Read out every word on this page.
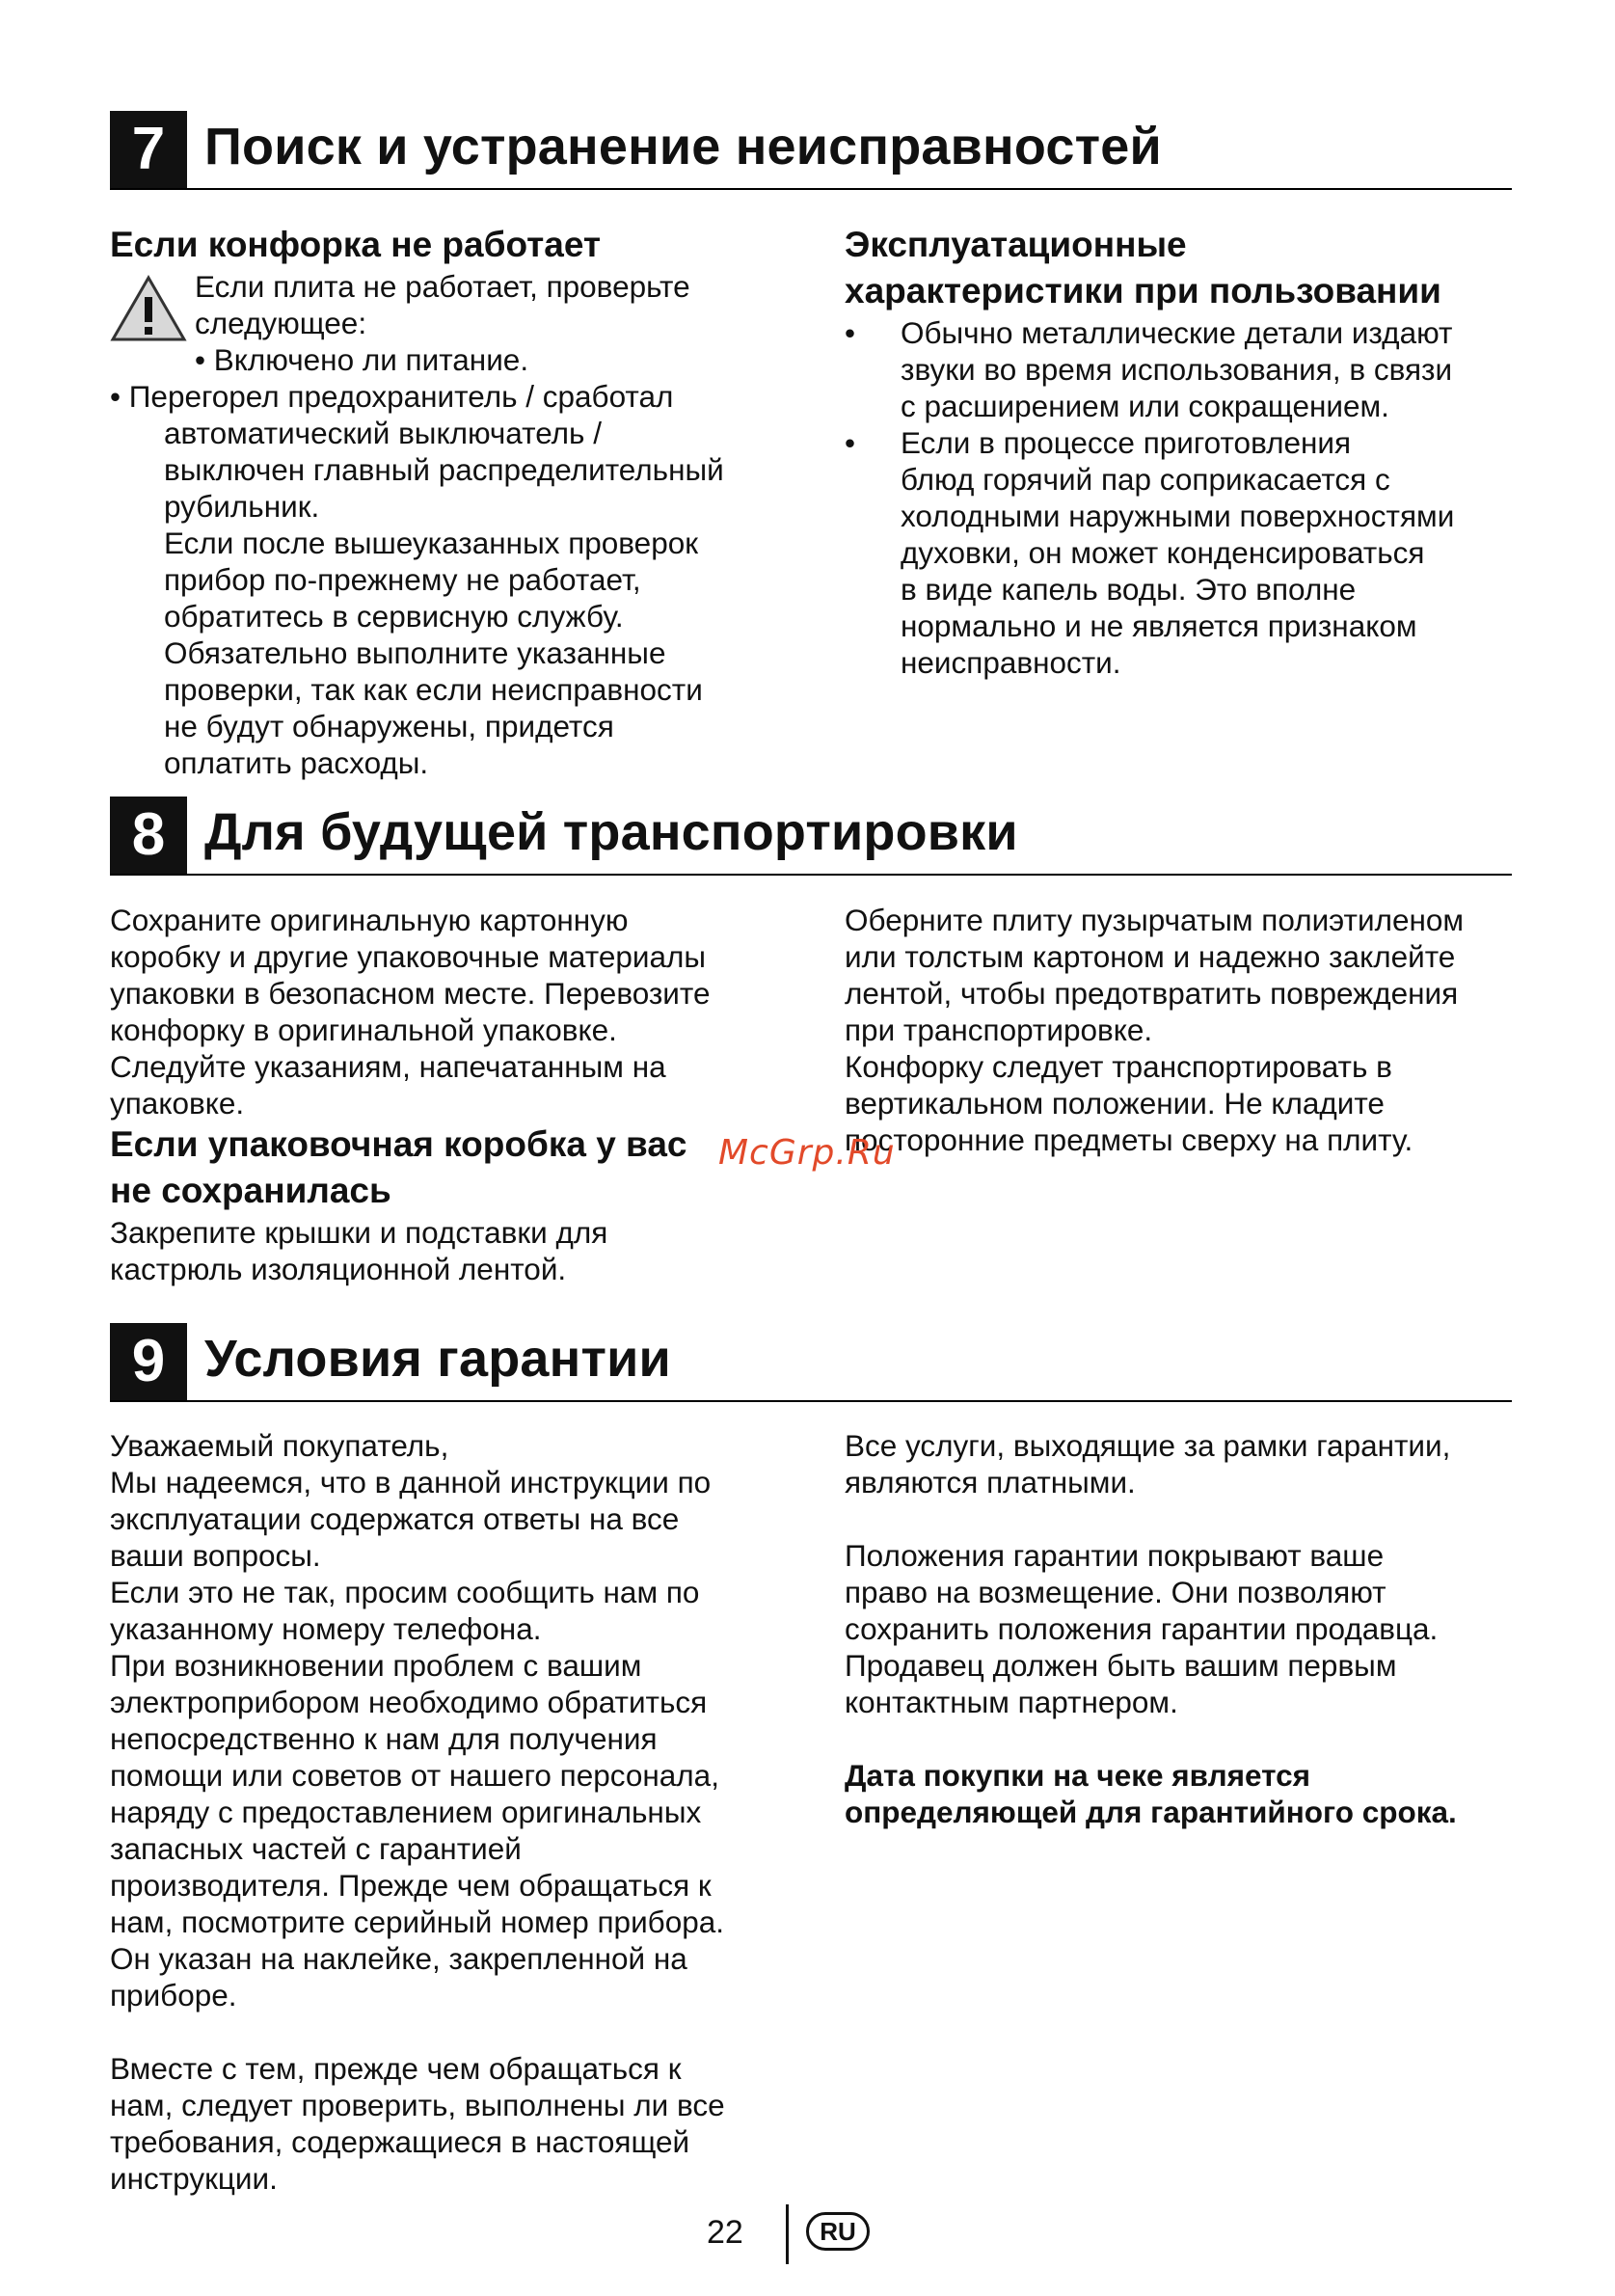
7 Поиск и устранение неисправностей

Если конфорка не работает

Если плита не работает, проверьте

следующее:

• Включено ли питание.

• Перегорел предохранитель / сработал

автоматический выключатель /

выключен главный распределительный

рубильник.

Если после вышеуказанных проверок

прибор по-прежнему не работает,

обратитесь в сервисную службу.

Обязательно выполните указанные

проверки, так как если неисправности

не будут обнаружены, придется

оплатить расходы.

Эксплуатационные

характеристики при пользовании

•	Обычно металлические детали издают

звуки во время использования, в связи

с расширением или сокращением.

•	Если в процессе приготовления

блюд горячий пар соприкасается с

холодными наружными поверхностями

духовки, он может конденсироваться

в виде капель воды. Это вполне

нормально и не является признаком

неисправности.

8 Для будущей транспортировки

Сохраните оригинальную картонную

коробку и другие упаковочные материалы

упаковки в безопасном месте. Перевозите

конфорку в оригинальной упаковке.

Следуйте указаниям, напечатанным на

упаковке.

Если упаковочная коробка у вас

не сохранилась

Закрепите крышки и подставки для

кастрюль изоляционной лентой.

Оберните плиту пузырчатым полиэтиленом

или толстым картоном и надежно заклейте

лентой, чтобы предотвратить повреждения

при транспортировке.

Конфорку следует транспортировать в

вертикальном положении. Не кладите

посторонние предметы сверху на плиту.

McGrp.Ru
9 Условия гарантии

Уважаемый покупатель,

Мы надеемся, что в данной инструкции по

эксплуатации содержатся ответы на все

ваши вопросы.

Если это не так, просим сообщить нам по

указанному номеру телефона.

При возникновении проблем с вашим

электроприбором необходимо обратиться

непосредственно к нам для получения

помощи или советов от нашего персонала,

наряду с предоставлением оригинальных

запасных частей с гарантией

производителя. Прежде чем обращаться к

нам, посмотрите серийный номер прибора.

Он указан на наклейке, закрепленной на

приборе.

Вместе с тем, прежде чем обращаться к

нам, следует проверить, выполнены ли все

требования, содержащиеся в настоящей

инструкции.

Все услуги, выходящие за рамки гарантии,

являются платными.

Положения гарантии покрывают ваше

право на возмещение. Они позволяют

сохранить положения гарантии продавца.

Продавец должен быть вашим первым

контактным партнером.

Дата покупки на чеке является

определяющей для гарантийного срока.

22	RU
